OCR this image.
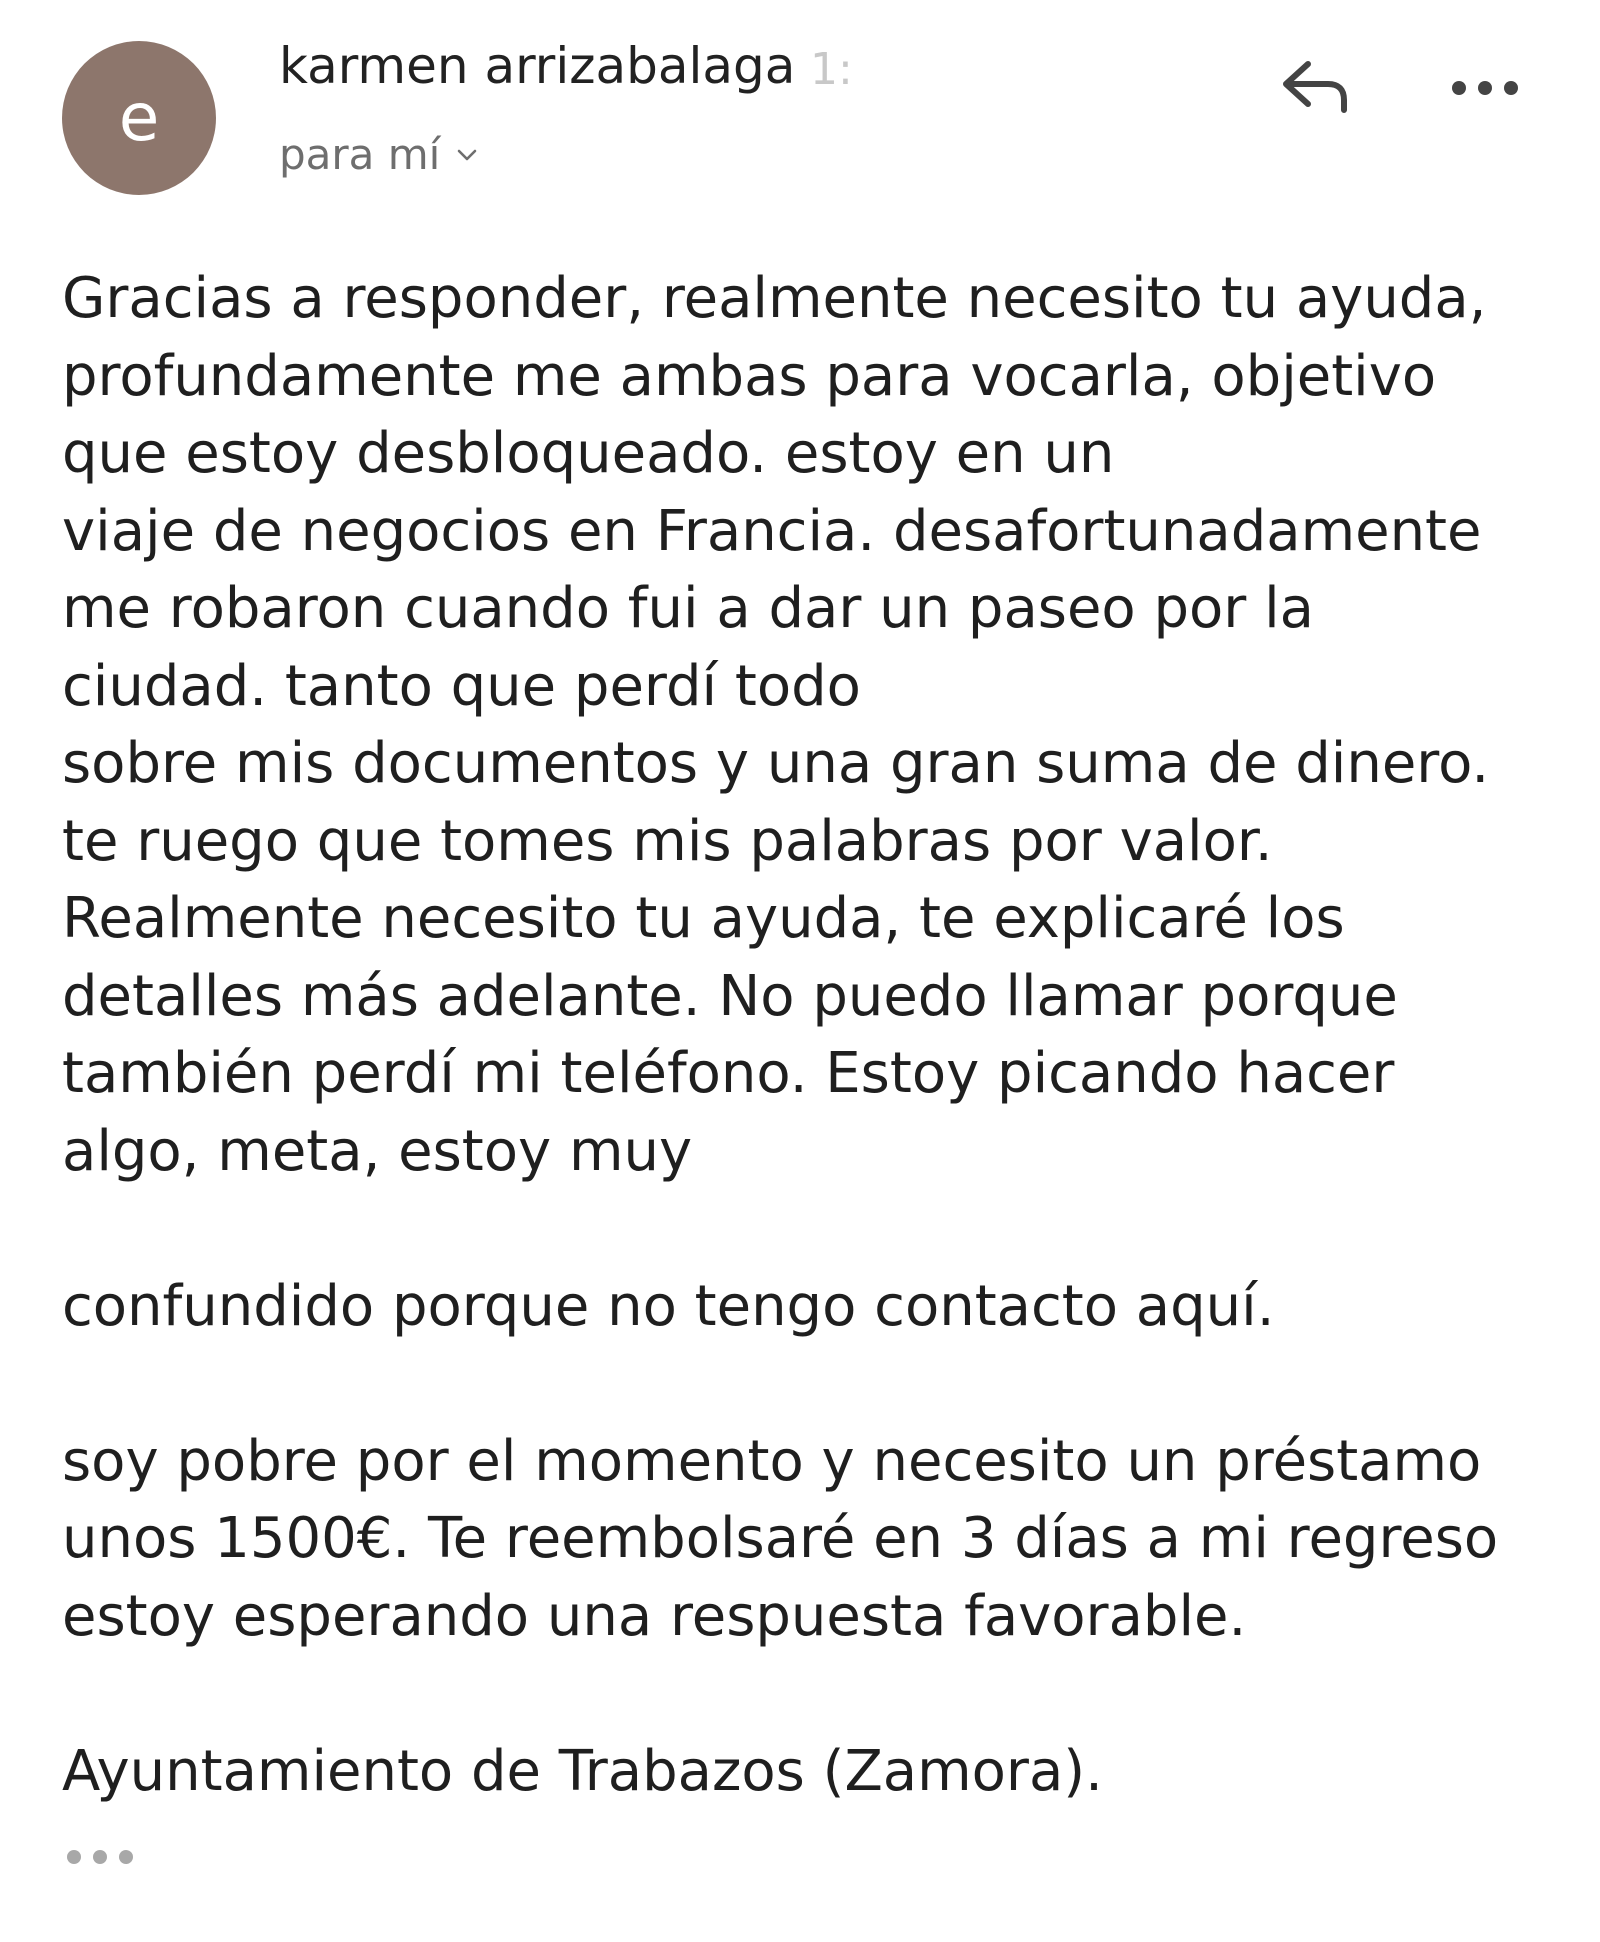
e
karmen arrizabalaga 1:
para mí

Gracias a responder, realmente necesito tu ayuda,

profundamente me ambas para vocarla, objetivo

que estoy desbloqueado. estoy en un

viaje de negocios en Francia. desafortunadamente

me robaron cuando fui a dar un paseo por la

ciudad. tanto que perdí todo

sobre mis documentos y una gran suma de dinero.

te ruego que tomes mis palabras por valor.

Realmente necesito tu ayuda, te explicaré los

detalles más adelante. No puedo llamar porque

también perdí mi teléfono. Estoy picando hacer

algo, meta, estoy muy

confundido porque no tengo contacto aquí.

soy pobre por el momento y necesito un préstamo

unos 1500€. Te reembolsaré en 3 días a mi regreso

estoy esperando una respuesta favorable.

Ayuntamiento de Trabazos (Zamora).
